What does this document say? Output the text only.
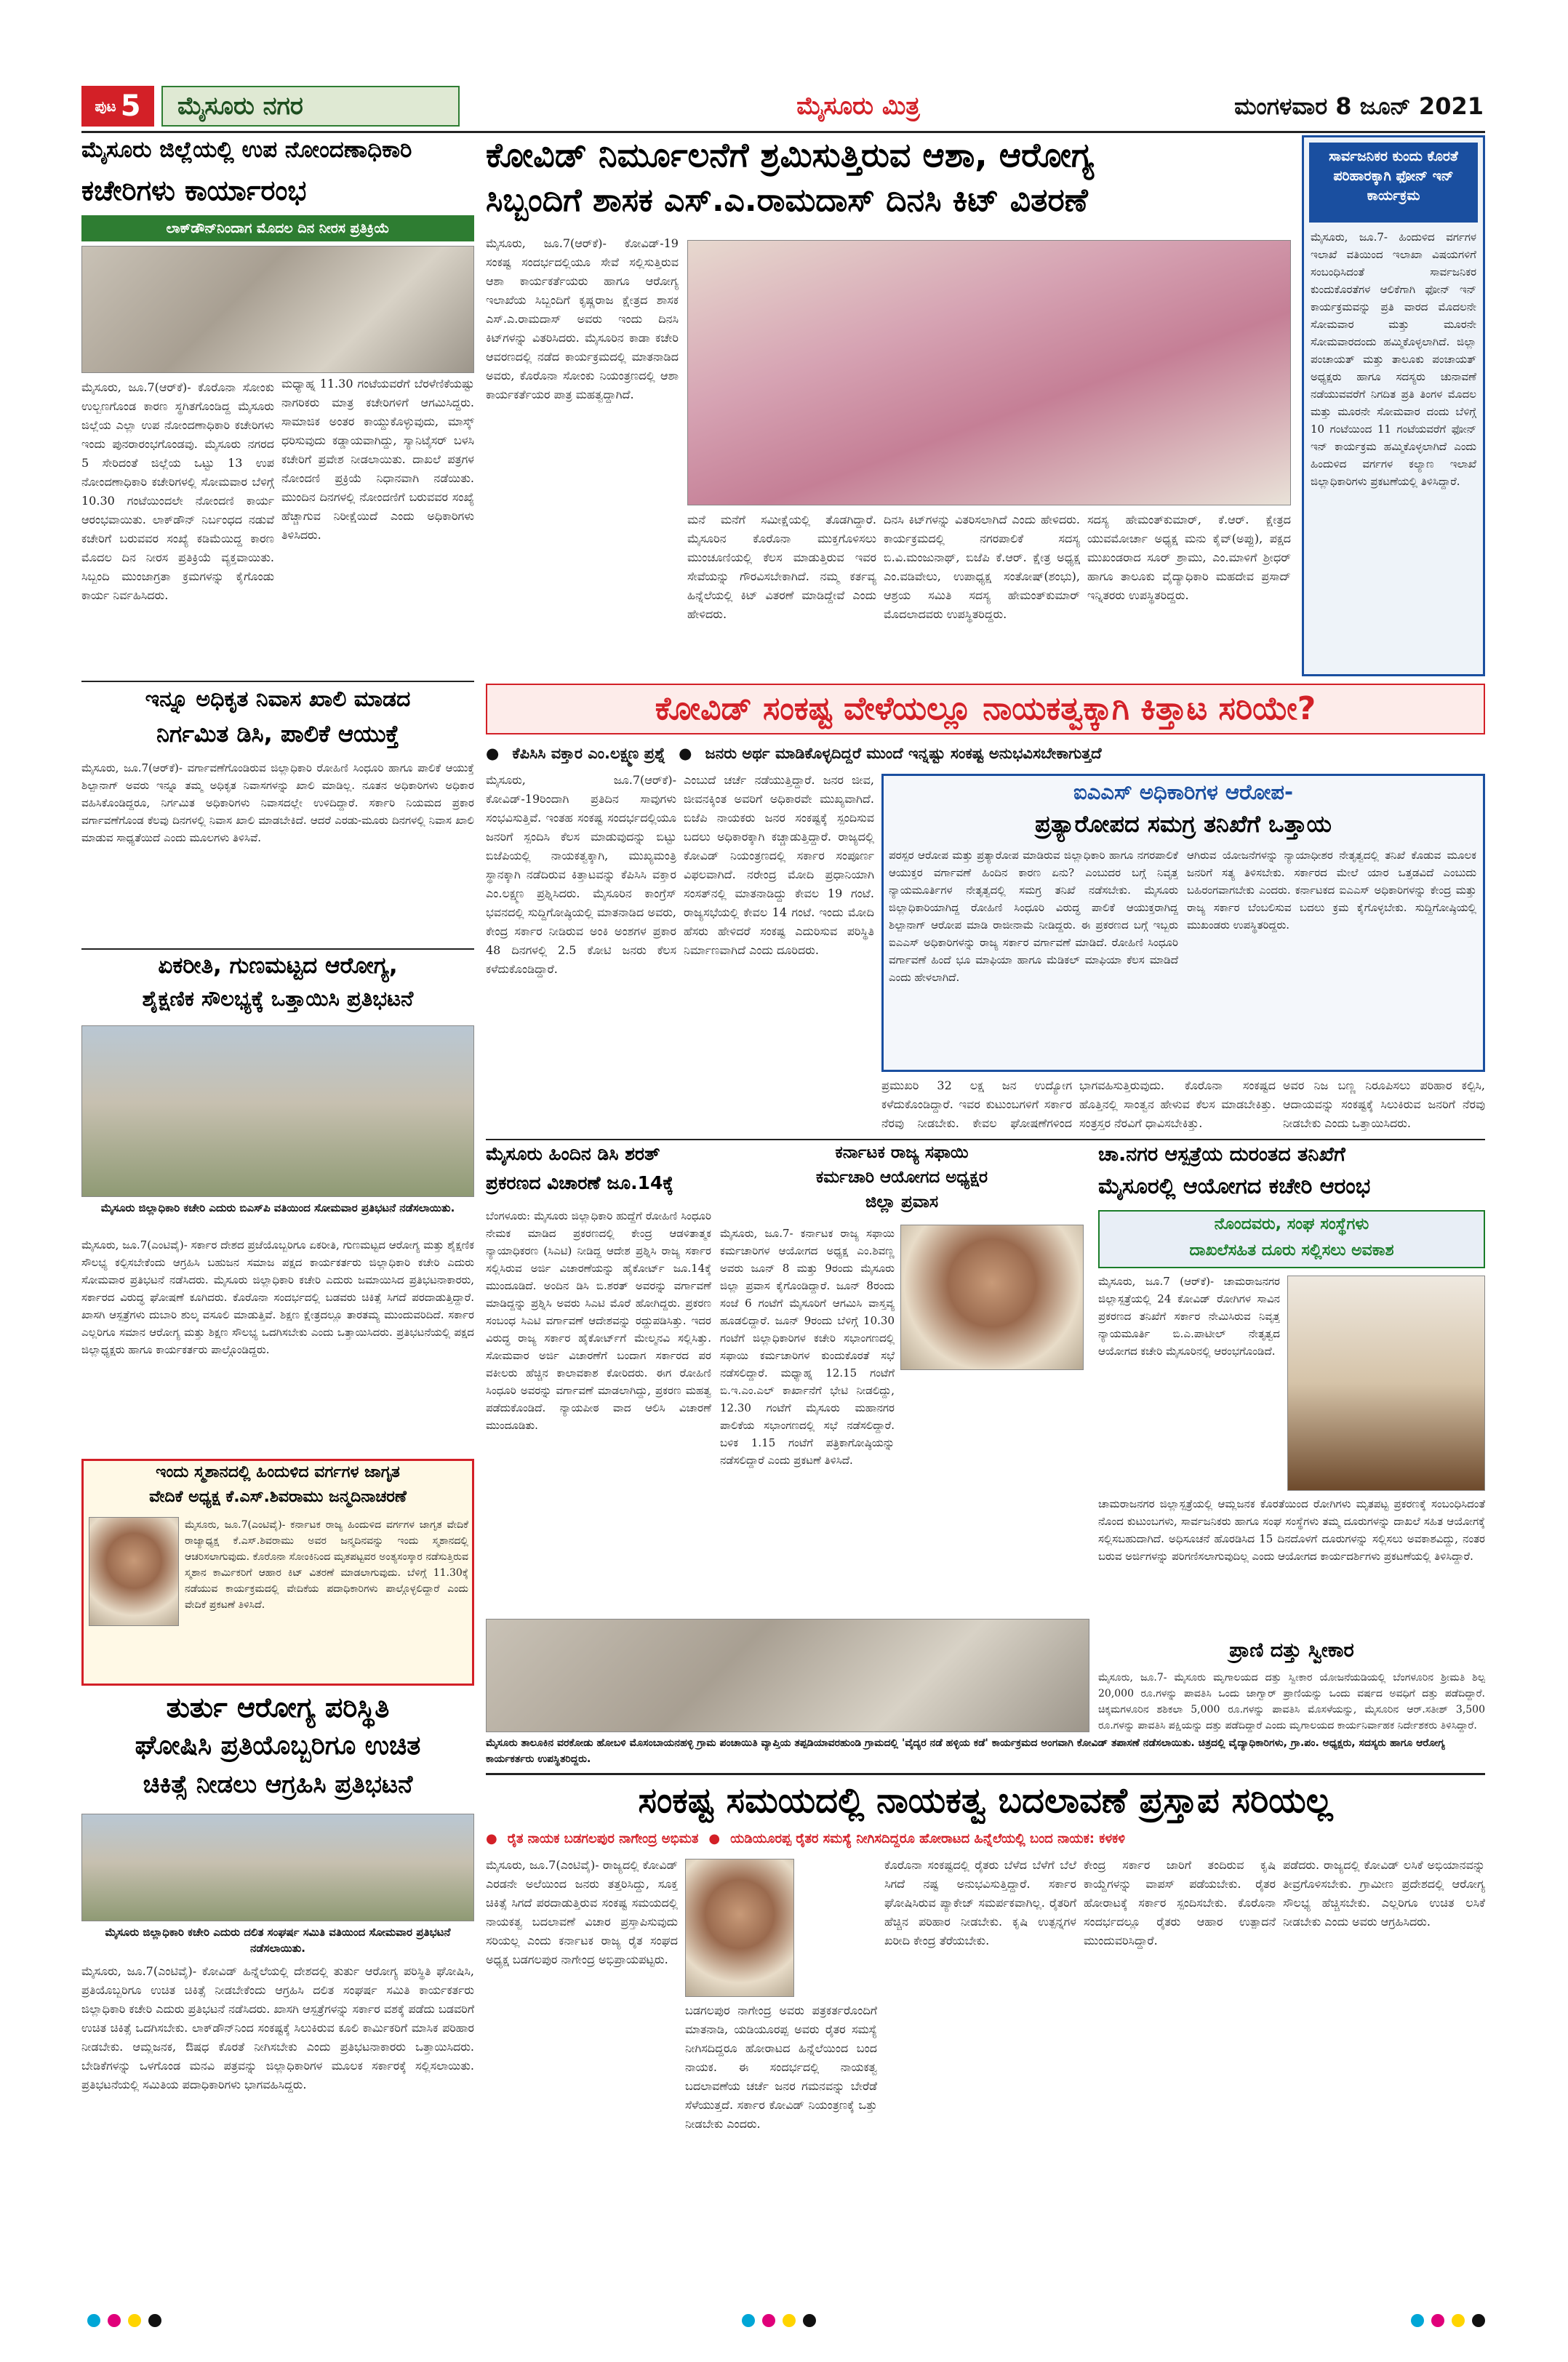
ಪುಟ 5 ಮೈಸೂರು ನಗರ	ಮೈಸೂರು ಮಿತ್ರ	ಮಂಗಳವಾರ 8 ಜೂನ್ 2021
ಮೈಸೂರು ಜಿಲ್ಲೆಯಲ್ಲಿ ಉಪ ನೋಂದಣಾಧಿಕಾರಿ
ಕಚೇರಿಗಳು ಕಾರ್ಯಾರಂಭ
ಲಾಕ್‌ಡೌನ್‌ನಿಂದಾಗ ಮೊದಲ ದಿನ ನೀರಸ ಪ್ರತಿಕ್ರಿಯೆ
ಮೈಸೂರು, ಜೂ.7(ಆರ್‌ಕೆ)- ಕೊರೊನಾ ಸೋಂಕು ಉಲ್ಬಣಗೊಂಡ ಕಾರಣ ಸ್ಥಗಿತಗೊಂಡಿದ್ದ ಮೈಸೂರು ಜಿಲ್ಲೆಯ ಎಲ್ಲಾ ಉಪ ನೋಂದಣಾಧಿಕಾರಿ ಕಚೇರಿಗಳು ಇಂದು ಪುನರಾರಂಭಗೊಂಡವು. ಮೈಸೂರು ನಗರದ 5 ಸೇರಿದಂತೆ ಜಿಲ್ಲೆಯ ಒಟ್ಟು 13 ಉಪ ನೋಂದಣಾಧಿಕಾರಿ ಕಚೇರಿಗಳಲ್ಲಿ ಸೋಮವಾರ ಬೆಳಿಗ್ಗೆ 10.30 ಗಂಟೆಯಿಂದಲೇ ನೋಂದಣಿ ಕಾರ್ಯ ಆರಂಭವಾಯಿತು. ಲಾಕ್‌ಡೌನ್ ನಿರ್ಬಂಧದ ನಡುವೆ ಕಚೇರಿಗೆ ಬರುವವರ ಸಂಖ್ಯೆ ಕಡಿಮೆಯಿದ್ದ ಕಾರಣ ಮೊದಲ ದಿನ ನೀರಸ ಪ್ರತಿಕ್ರಿಯೆ ವ್ಯಕ್ತವಾಯಿತು. ಸಿಬ್ಬಂದಿ ಮುಂಜಾಗ್ರತಾ ಕ್ರಮಗಳನ್ನು ಕೈಗೊಂಡು ಕಾರ್ಯ ನಿರ್ವಹಿಸಿದರು.
ಮಧ್ಯಾಹ್ನ 11.30 ಗಂಟೆಯವರೆಗೆ ಬೆರಳೆಣಿಕೆಯಷ್ಟು ನಾಗರಿಕರು ಮಾತ್ರ ಕಚೇರಿಗಳಿಗೆ ಆಗಮಿಸಿದ್ದರು. ಸಾಮಾಜಿಕ ಅಂತರ ಕಾಯ್ದುಕೊಳ್ಳುವುದು, ಮಾಸ್ಕ್ ಧರಿಸುವುದು ಕಡ್ಡಾಯವಾಗಿದ್ದು, ಸ್ಯಾನಿಟೈಸರ್ ಬಳಸಿ ಕಚೇರಿಗೆ ಪ್ರವೇಶ ನೀಡಲಾಯಿತು. ದಾಖಲೆ ಪತ್ರಗಳ ನೋಂದಣಿ ಪ್ರಕ್ರಿಯೆ ನಿಧಾನವಾಗಿ ನಡೆಯಿತು. ಮುಂದಿನ ದಿನಗಳಲ್ಲಿ ನೋಂದಣಿಗೆ ಬರುವವರ ಸಂಖ್ಯೆ ಹೆಚ್ಚಾಗುವ ನಿರೀಕ್ಷೆಯಿದೆ ಎಂದು ಅಧಿಕಾರಿಗಳು ತಿಳಿಸಿದರು.
ಕೋವಿಡ್ ನಿರ್ಮೂಲನೆಗೆ ಶ್ರಮಿಸುತ್ತಿರುವ ಆಶಾ, ಆರೋಗ್ಯ
ಸಿಬ್ಬಂದಿಗೆ ಶಾಸಕ ಎಸ್.ಎ.ರಾಮದಾಸ್ ದಿನಸಿ ಕಿಟ್ ವಿತರಣೆ
ಮೈಸೂರು, ಜೂ.7(ಆರ್‌ಕೆ)- ಕೋವಿಡ್-19 ಸಂಕಷ್ಟ ಸಂದರ್ಭದಲ್ಲಿಯೂ ಸೇವೆ ಸಲ್ಲಿಸುತ್ತಿರುವ ಆಶಾ ಕಾರ್ಯಕರ್ತೆಯರು ಹಾಗೂ ಆರೋಗ್ಯ ಇಲಾಖೆಯ ಸಿಬ್ಬಂದಿಗೆ ಕೃಷ್ಣರಾಜ ಕ್ಷೇತ್ರದ ಶಾಸಕ ಎಸ್.ಎ.ರಾಮದಾಸ್ ಅವರು ಇಂದು ದಿನಸಿ ಕಿಟ್‌ಗಳನ್ನು ವಿತರಿಸಿದರು. ಮೈಸೂರಿನ ಕಾಡಾ ಕಚೇರಿ ಆವರಣದಲ್ಲಿ ನಡೆದ ಕಾರ್ಯಕ್ರಮದಲ್ಲಿ ಮಾತನಾಡಿದ ಅವರು, ಕೊರೊನಾ ಸೋಂಕು ನಿಯಂತ್ರಣದಲ್ಲಿ ಆಶಾ ಕಾರ್ಯಕರ್ತೆಯರ ಪಾತ್ರ ಮಹತ್ವದ್ದಾಗಿದೆ.
ಮನೆ ಮನೆಗೆ ಸಮೀಕ್ಷೆಯಲ್ಲಿ ತೊಡಗಿದ್ದಾರೆ. ಮೈಸೂರಿನ ಕೊರೊನಾ ಮುಕ್ತಗೊಳಿಸಲು ಮುಂಚೂಣಿಯಲ್ಲಿ ಕೆಲಸ ಮಾಡುತ್ತಿರುವ ಇವರ ಸೇವೆಯನ್ನು ಗೌರವಿಸಬೇಕಾಗಿದೆ. ನಮ್ಮ ಕರ್ತವ್ಯ ಹಿನ್ನೆಲೆಯಲ್ಲಿ ಕಿಟ್ ವಿತರಣೆ ಮಾಡಿದ್ದೇವೆ ಎಂದು ಹೇಳಿದರು.
ದಿನಸಿ ಕಿಟ್‌ಗಳನ್ನು ವಿತರಿಸಲಾಗಿದೆ ಎಂದು ಹೇಳಿದರು. ಕಾರ್ಯಕ್ರಮದಲ್ಲಿ ನಗರಪಾಲಿಕೆ ಸದಸ್ಯ ಬಿ.ವಿ.ಮಂಜುನಾಥ್, ಬಿಜೆಪಿ ಕೆ.ಆರ್. ಕ್ಷೇತ್ರ ಅಧ್ಯಕ್ಷ ಎಂ.ವಡಿವೇಲು, ಉಪಾಧ್ಯಕ್ಷ ಸಂತೋಷ್(ಶಂಭು), ಆಶ್ರಯ ಸಮಿತಿ ಸದಸ್ಯ ಹೇಮಂತ್‌ಕುಮಾರ್ ಮೊದಲಾದವರು ಉಪಸ್ಥಿತರಿದ್ದರು.
ಸದಸ್ಯ ಹೇಮಂತ್‌ಕುಮಾರ್, ಕೆ.ಆರ್. ಕ್ಷೇತ್ರದ ಯುವಮೋರ್ಚಾ ಅಧ್ಯಕ್ಷ ಮನು ಕೈವ್(ಅಪ್ಪು), ಪಕ್ಷದ ಮುಖಂಡರಾದ ಸೂರ್ ಶ್ರಾಮು, ಎಂ.ಮಾಳಿಗೆ ಶ್ರೀಧರ್ ಹಾಗೂ ತಾಲೂಕು ವೈದ್ಯಾಧಿಕಾರಿ ಮಹದೇವ ಪ್ರಸಾದ್ ಇನ್ನಿತರರು ಉಪಸ್ಥಿತರಿದ್ದರು.
ಸಾರ್ವಜನಿಕರ ಕುಂದು ಕೊರತೆ ಪರಿಹಾರಕ್ಕಾಗಿ ಫೋನ್ ಇನ್ ಕಾರ್ಯಕ್ರಮ
ಮೈಸೂರು, ಜೂ.7- ಹಿಂದುಳಿದ ವರ್ಗಗಳ ಇಲಾಖೆ ವತಿಯಿಂದ ಇಲಾಖಾ ವಿಷಯಗಳಿಗೆ ಸಂಬಂಧಿಸಿದಂತೆ ಸಾರ್ವಜನಿಕರ ಕುಂದುಕೊರತೆಗಳ ಆಲಿಕೆಗಾಗಿ ಫೋನ್ ಇನ್ ಕಾರ್ಯಕ್ರಮವನ್ನು ಪ್ರತಿ ವಾರದ ಮೊದಲನೇ ಸೋಮವಾರ ಮತ್ತು ಮೂರನೇ ಸೋಮವಾರದಂದು ಹಮ್ಮಿಕೊಳ್ಳಲಾಗಿದೆ. ಜಿಲ್ಲಾ ಪಂಚಾಯತ್ ಮತ್ತು ತಾಲೂಕು ಪಂಚಾಯತ್ ಅಧ್ಯಕ್ಷರು ಹಾಗೂ ಸದಸ್ಯರು ಚುನಾವಣೆ ನಡೆಯುವವರೆಗೆ ನಿಗದಿತ ಪ್ರತಿ ತಿಂಗಳ ಮೊದಲ ಮತ್ತು ಮೂರನೇ ಸೋಮವಾರ ದಂದು ಬೆಳಿಗ್ಗೆ 10 ಗಂಟೆಯಿಂದ 11 ಗಂಟೆಯವರೆಗೆ ಫೋನ್ ಇನ್ ಕಾರ್ಯಕ್ರಮ ಹಮ್ಮಿಕೊಳ್ಳಲಾಗಿದೆ ಎಂದು ಹಿಂದುಳಿದ ವರ್ಗಗಳ ಕಲ್ಯಾಣ ಇಲಾಖೆ ಜಿಲ್ಲಾಧಿಕಾರಿಗಳು ಪ್ರಕಟಣೆಯಲ್ಲಿ ತಿಳಿಸಿದ್ದಾರೆ.
ಕೋವಿಡ್ ಸಂಕಷ್ಟ ವೇಳೆಯಲ್ಲೂ ನಾಯಕತ್ವಕ್ಕಾಗಿ ಕಿತ್ತಾಟ ಸರಿಯೇ?
● ಕೆಪಿಸಿಸಿ ವಕ್ತಾರ ಎಂ.ಲಕ್ಷ್ಮಣ ಪ್ರಶ್ನೆ ● ಜನರು ಅರ್ಥ ಮಾಡಿಕೊಳ್ಳದಿದ್ದರೆ ಮುಂದೆ ಇನ್ನಷ್ಟು ಸಂಕಷ್ಟ ಅನುಭವಿಸಬೇಕಾಗುತ್ತದೆ
ಮೈಸೂರು, ಜೂ.7(ಆರ್‌ಕೆ)- ಕೋವಿಡ್-19ರಿಂದಾಗಿ ಪ್ರತಿದಿನ ಸಾವುಗಳು ಸಂಭವಿಸುತ್ತಿವೆ. ಇಂತಹ ಸಂಕಷ್ಟ ಸಂದರ್ಭದಲ್ಲಿಯೂ ಜನರಿಗೆ ಸ್ಪಂದಿಸಿ ಕೆಲಸ ಮಾಡುವುದನ್ನು ಬಿಟ್ಟು ಬಿಜೆಪಿಯಲ್ಲಿ ನಾಯಕತ್ವಕ್ಕಾಗಿ, ಮುಖ್ಯಮಂತ್ರಿ ಸ್ಥಾನಕ್ಕಾಗಿ ನಡೆದಿರುವ ಕಿತ್ತಾಟವನ್ನು ಕೆಪಿಸಿಸಿ ವಕ್ತಾರ ಎಂ.ಲಕ್ಷ್ಮಣ ಪ್ರಶ್ನಿಸಿದರು. ಮೈಸೂರಿನ ಕಾಂಗ್ರೆಸ್ ಭವನದಲ್ಲಿ ಸುದ್ದಿಗೋಷ್ಠಿಯಲ್ಲಿ ಮಾತನಾಡಿದ ಅವರು, ಕೇಂದ್ರ ಸರ್ಕಾರ ನೀಡಿರುವ ಅಂಕಿ ಅಂಶಗಳ ಪ್ರಕಾರ 48 ದಿನಗಳಲ್ಲಿ 2.5 ಕೋಟಿ ಜನರು ಕೆಲಸ ಕಳೆದುಕೊಂಡಿದ್ದಾರೆ.
ಎಂಬುದೆ ಚರ್ಚೆ ನಡೆಯುತ್ತಿದ್ದಾರೆ. ಜನರ ಜೀವ, ಜೀವನಕ್ಕಿಂತ ಅವರಿಗೆ ಅಧಿಕಾರವೇ ಮುಖ್ಯವಾಗಿದೆ. ಬಿಜೆಪಿ ನಾಯಕರು ಜನರ ಸಂಕಷ್ಟಕ್ಕೆ ಸ್ಪಂದಿಸುವ ಬದಲು ಅಧಿಕಾರಕ್ಕಾಗಿ ಕಚ್ಚಾಡುತ್ತಿದ್ದಾರೆ. ರಾಜ್ಯದಲ್ಲಿ ಕೋವಿಡ್ ನಿಯಂತ್ರಣದಲ್ಲಿ ಸರ್ಕಾರ ಸಂಪೂರ್ಣ ವಿಫಲವಾಗಿದೆ. ನರೇಂದ್ರ ಮೋದಿ ಪ್ರಧಾನಿಯಾಗಿ ಸಂಸತ್‌ನಲ್ಲಿ ಮಾತನಾಡಿದ್ದು ಕೇವಲ 19 ಗಂಟೆ. ರಾಜ್ಯಸಭೆಯಲ್ಲಿ ಕೇವಲ 14 ಗಂಟೆ. ಇಂದು ಮೋದಿ ಹೆಸರು ಹೇಳಿದರೆ ಸಂಕಷ್ಟ ಎದುರಿಸುವ ಪರಿಸ್ಥಿತಿ ನಿರ್ಮಾಣವಾಗಿದೆ ಎಂದು ದೂರಿದರು.
ಪ್ರಮುಖರಿ 32 ಲಕ್ಷ ಜನ ಉದ್ಯೋಗ ಕಳೆದುಕೊಂಡಿದ್ದಾರೆ. ಇವರ ಕುಟುಂಬಗಳಿಗೆ ಸರ್ಕಾರ ನೆರವು ನೀಡಬೇಕು. ಕೇವಲ ಘೋಷಣೆಗಳಿಂದ
ಭಾಗವಹಿಸುತ್ತಿರುವುದು. ಕೊರೊನಾ ಸಂಕಷ್ಟದ ಹೊತ್ತಿನಲ್ಲಿ ಸಾಂತ್ವನ ಹೇಳುವ ಕೆಲಸ ಮಾಡಬೇಕಿತ್ತು. ಸಂತ್ರಸ್ತರ ನೆರವಿಗೆ ಧಾವಿಸಬೇಕಿತ್ತು.
ಅವರ ನಿಜ ಬಣ್ಣ ನಿರೂಪಿಸಲು ಪರಿಹಾರ ಕಲ್ಪಿಸಿ, ಆದಾಯವನ್ನು ಸಂಕಷ್ಟಕ್ಕೆ ಸಿಲುಕಿರುವ ಜನರಿಗೆ ನೆರವು ನೀಡಬೇಕು ಎಂದು ಒತ್ತಾಯಿಸಿದರು.
ಐಎಎಸ್ ಅಧಿಕಾರಿಗಳ ಆರೋಪ-
ಪ್ರತ್ಯಾರೋಪದ ಸಮಗ್ರ ತನಿಖೆಗೆ ಒತ್ತಾಯ
ಪರಸ್ಪರ ಆರೋಪ ಮತ್ತು ಪ್ರತ್ಯಾರೋಪ ಮಾಡಿರುವ ಜಿಲ್ಲಾಧಿಕಾರಿ ಹಾಗೂ ನಗರಪಾಲಿಕೆ ಆಯುಕ್ತರ ವರ್ಗಾವಣೆ ಹಿಂದಿನ ಕಾರಣ ಏನು? ಎಂಬುದರ ಬಗ್ಗೆ ನಿವೃತ್ತ ನ್ಯಾಯಮೂರ್ತಿಗಳ ನೇತೃತ್ವದಲ್ಲಿ ಸಮಗ್ರ ತನಿಖೆ ನಡೆಸಬೇಕು. ಮೈಸೂರು ಜಿಲ್ಲಾಧಿಕಾರಿಯಾಗಿದ್ದ ರೋಹಿಣಿ ಸಿಂಧೂರಿ ವಿರುದ್ಧ ಪಾಲಿಕೆ ಆಯುಕ್ತರಾಗಿದ್ದ ಶಿಲ್ಪಾನಾಗ್ ಆರೋಪ ಮಾಡಿ ರಾಜೀನಾಮೆ ನೀಡಿದ್ದರು. ಈ ಪ್ರಕರಣದ ಬಗ್ಗೆ ಇಬ್ಬರು ಐಎಎಸ್ ಅಧಿಕಾರಿಗಳನ್ನು ರಾಜ್ಯ ಸರ್ಕಾರ ವರ್ಗಾವಣೆ ಮಾಡಿದೆ. ರೋಹಿಣಿ ಸಿಂಧೂರಿ ವರ್ಗಾವಣೆ ಹಿಂದೆ ಭೂ ಮಾಫಿಯಾ ಹಾಗೂ ಮೆಡಿಕಲ್ ಮಾಫಿಯಾ ಕೆಲಸ ಮಾಡಿದೆ ಎಂದು ಹೇಳಲಾಗಿದೆ.
ಆಗಿರುವ ಯೋಜನೆಗಳನ್ನು ನ್ಯಾಯಾಧೀಶರ ನೇತೃತ್ವದಲ್ಲಿ ತನಿಖೆ ಕೊಡುವ ಮೂಲಕ ಜನರಿಗೆ ಸತ್ಯ ತಿಳಿಸಬೇಕು. ಸರ್ಕಾರದ ಮೇಲೆ ಯಾರ ಒತ್ತಡವಿದೆ ಎಂಬುದು ಬಹಿರಂಗವಾಗಬೇಕು ಎಂದರು. ಕರ್ನಾಟಕದ ಐಎಎಸ್ ಅಧಿಕಾರಿಗಳನ್ನು ಕೇಂದ್ರ ಮತ್ತು ರಾಜ್ಯ ಸರ್ಕಾರ ಬೆಂಬಲಿಸುವ ಬದಲು ಕ್ರಮ ಕೈಗೊಳ್ಳಬೇಕು. ಸುದ್ದಿಗೋಷ್ಠಿಯಲ್ಲಿ ಮುಖಂಡರು ಉಪಸ್ಥಿತರಿದ್ದರು.
ಇನ್ನೂ ಅಧಿಕೃತ ನಿವಾಸ ಖಾಲಿ ಮಾಡದ
ನಿರ್ಗಮಿತ ಡಿಸಿ, ಪಾಲಿಕೆ ಆಯುಕ್ತೆ
ಮೈಸೂರು, ಜೂ.7(ಆರ್‌ಕೆ)- ವರ್ಗಾವಣೆಗೊಂಡಿರುವ ಜಿಲ್ಲಾಧಿಕಾರಿ ರೋಹಿಣಿ ಸಿಂಧೂರಿ ಹಾಗೂ ಪಾಲಿಕೆ ಆಯುಕ್ತೆ ಶಿಲ್ಪಾನಾಗ್ ಅವರು ಇನ್ನೂ ತಮ್ಮ ಅಧಿಕೃತ ನಿವಾಸಗಳನ್ನು ಖಾಲಿ ಮಾಡಿಲ್ಲ. ನೂತನ ಅಧಿಕಾರಿಗಳು ಅಧಿಕಾರ ವಹಿಸಿಕೊಂಡಿದ್ದರೂ, ನಿರ್ಗಮಿತ ಅಧಿಕಾರಿಗಳು ನಿವಾಸದಲ್ಲೇ ಉಳಿದಿದ್ದಾರೆ. ಸರ್ಕಾರಿ ನಿಯಮದ ಪ್ರಕಾರ ವರ್ಗಾವಣೆಗೊಂಡ ಕೆಲವು ದಿನಗಳಲ್ಲಿ ನಿವಾಸ ಖಾಲಿ ಮಾಡಬೇಕಿದೆ. ಆದರೆ ಎರಡು-ಮೂರು ದಿನಗಳಲ್ಲಿ ನಿವಾಸ ಖಾಲಿ ಮಾಡುವ ಸಾಧ್ಯತೆಯಿದೆ ಎಂದು ಮೂಲಗಳು ತಿಳಿಸಿವೆ.
ಏಕರೀತಿ, ಗುಣಮಟ್ಟದ ಆರೋಗ್ಯ,
ಶೈಕ್ಷಣಿಕ ಸೌಲಭ್ಯಕ್ಕೆ ಒತ್ತಾಯಿಸಿ ಪ್ರತಿಭಟನೆ
ಮೈಸೂರು ಜಿಲ್ಲಾಧಿಕಾರಿ ಕಚೇರಿ ಎದುರು ಬಿಎಸ್‌ಪಿ ವತಿಯಿಂದ ಸೋಮವಾರ ಪ್ರತಿಭಟನೆ ನಡೆಸಲಾಯಿತು.
ಮೈಸೂರು, ಜೂ.7(ಎಂಟಿವೈ)- ಸರ್ಕಾರ ದೇಶದ ಪ್ರಜೆಯೊಬ್ಬರಿಗೂ ಏಕರೀತಿ, ಗುಣಮಟ್ಟದ ಆರೋಗ್ಯ ಮತ್ತು ಶೈಕ್ಷಣಿಕ ಸೌಲಭ್ಯ ಕಲ್ಪಿಸಬೇಕೆಂದು ಆಗ್ರಹಿಸಿ ಬಹುಜನ ಸಮಾಜ ಪಕ್ಷದ ಕಾರ್ಯಕರ್ತರು ಜಿಲ್ಲಾಧಿಕಾರಿ ಕಚೇರಿ ಎದುರು ಸೋಮವಾರ ಪ್ರತಿಭಟನೆ ನಡೆಸಿದರು. ಮೈಸೂರು ಜಿಲ್ಲಾಧಿಕಾರಿ ಕಚೇರಿ ಎದುರು ಜಮಾಯಿಸಿದ ಪ್ರತಿಭಟನಾಕಾರರು, ಸರ್ಕಾರದ ವಿರುದ್ಧ ಘೋಷಣೆ ಕೂಗಿದರು. ಕೊರೊನಾ ಸಂದರ್ಭದಲ್ಲಿ ಬಡವರು ಚಿಕಿತ್ಸೆ ಸಿಗದೆ ಪರದಾಡುತ್ತಿದ್ದಾರೆ. ಖಾಸಗಿ ಆಸ್ಪತ್ರೆಗಳು ದುಬಾರಿ ಶುಲ್ಕ ವಸೂಲಿ ಮಾಡುತ್ತಿವೆ. ಶಿಕ್ಷಣ ಕ್ಷೇತ್ರದಲ್ಲೂ ತಾರತಮ್ಯ ಮುಂದುವರಿದಿದೆ. ಸರ್ಕಾರ ಎಲ್ಲರಿಗೂ ಸಮಾನ ಆರೋಗ್ಯ ಮತ್ತು ಶಿಕ್ಷಣ ಸೌಲಭ್ಯ ಒದಗಿಸಬೇಕು ಎಂದು ಒತ್ತಾಯಿಸಿದರು. ಪ್ರತಿಭಟನೆಯಲ್ಲಿ ಪಕ್ಷದ ಜಿಲ್ಲಾಧ್ಯಕ್ಷರು ಹಾಗೂ ಕಾರ್ಯಕರ್ತರು ಪಾಲ್ಗೊಂಡಿದ್ದರು.
ಇಂದು ಸ್ಮಶಾನದಲ್ಲಿ ಹಿಂದುಳಿದ ವರ್ಗಗಳ ಜಾಗೃತ
ವೇದಿಕೆ ಅಧ್ಯಕ್ಷ ಕೆ.ಎಸ್.ಶಿವರಾಮು ಜನ್ಮದಿನಾಚರಣೆ
ಮೈಸೂರು, ಜೂ.7(ಎಂಟಿವೈ)- ಕರ್ನಾಟಕ ರಾಜ್ಯ ಹಿಂದುಳಿದ ವರ್ಗಗಳ ಜಾಗೃತ ವೇದಿಕೆ ರಾಜ್ಯಾಧ್ಯಕ್ಷ ಕೆ.ಎಸ್.ಶಿವರಾಮು ಅವರ ಜನ್ಮದಿನವನ್ನು ಇಂದು ಸ್ಮಶಾನದಲ್ಲಿ ಆಚರಿಸಲಾಗುವುದು. ಕೊರೊನಾ ಸೋಂಕಿನಿಂದ ಮೃತಪಟ್ಟವರ ಅಂತ್ಯಸಂಸ್ಕಾರ ನಡೆಸುತ್ತಿರುವ ಸ್ಮಶಾನ ಕಾರ್ಮಿಕರಿಗೆ ಆಹಾರ ಕಿಟ್ ವಿತರಣೆ ಮಾಡಲಾಗುವುದು. ಬೆಳಿಗ್ಗೆ 11.30ಕ್ಕೆ ನಡೆಯುವ ಕಾರ್ಯಕ್ರಮದಲ್ಲಿ ವೇದಿಕೆಯ ಪದಾಧಿಕಾರಿಗಳು ಪಾಲ್ಗೊಳ್ಳಲಿದ್ದಾರೆ ಎಂದು ವೇದಿಕೆ ಪ್ರಕಟಣೆ ತಿಳಿಸಿದೆ.
ತುರ್ತು ಆರೋಗ್ಯ ಪರಿಸ್ಥಿತಿ
ಘೋಷಿಸಿ ಪ್ರತಿಯೊಬ್ಬರಿಗೂ ಉಚಿತ
ಚಿಕಿತ್ಸೆ ನೀಡಲು ಆಗ್ರಹಿಸಿ ಪ್ರತಿಭಟನೆ
ಮೈಸೂರು ಜಿಲ್ಲಾಧಿಕಾರಿ ಕಚೇರಿ ಎದುರು ದಲಿತ ಸಂಘರ್ಷ ಸಮಿತಿ ವತಿಯಿಂದ ಸೋಮವಾರ ಪ್ರತಿಭಟನೆ ನಡೆಸಲಾಯಿತು.
ಮೈಸೂರು, ಜೂ.7(ಎಂಟಿವೈ)- ಕೋವಿಡ್ ಹಿನ್ನೆಲೆಯಲ್ಲಿ ದೇಶದಲ್ಲಿ ತುರ್ತು ಆರೋಗ್ಯ ಪರಿಸ್ಥಿತಿ ಘೋಷಿಸಿ, ಪ್ರತಿಯೊಬ್ಬರಿಗೂ ಉಚಿತ ಚಿಕಿತ್ಸೆ ನೀಡಬೇಕೆಂದು ಆಗ್ರಹಿಸಿ ದಲಿತ ಸಂಘರ್ಷ ಸಮಿತಿ ಕಾರ್ಯಕರ್ತರು ಜಿಲ್ಲಾಧಿಕಾರಿ ಕಚೇರಿ ಎದುರು ಪ್ರತಿಭಟನೆ ನಡೆಸಿದರು. ಖಾಸಗಿ ಆಸ್ಪತ್ರೆಗಳನ್ನು ಸರ್ಕಾರ ವಶಕ್ಕೆ ಪಡೆದು ಬಡವರಿಗೆ ಉಚಿತ ಚಿಕಿತ್ಸೆ ಒದಗಿಸಬೇಕು. ಲಾಕ್‌ಡೌನ್‌ನಿಂದ ಸಂಕಷ್ಟಕ್ಕೆ ಸಿಲುಕಿರುವ ಕೂಲಿ ಕಾರ್ಮಿಕರಿಗೆ ಮಾಸಿಕ ಪರಿಹಾರ ನೀಡಬೇಕು. ಆಮ್ಲಜನಕ, ಔಷಧ ಕೊರತೆ ನೀಗಿಸಬೇಕು ಎಂದು ಪ್ರತಿಭಟನಾಕಾರರು ಒತ್ತಾಯಿಸಿದರು. ಬೇಡಿಕೆಗಳನ್ನು ಒಳಗೊಂಡ ಮನವಿ ಪತ್ರವನ್ನು ಜಿಲ್ಲಾಧಿಕಾರಿಗಳ ಮೂಲಕ ಸರ್ಕಾರಕ್ಕೆ ಸಲ್ಲಿಸಲಾಯಿತು. ಪ್ರತಿಭಟನೆಯಲ್ಲಿ ಸಮಿತಿಯ ಪದಾಧಿಕಾರಿಗಳು ಭಾಗವಹಿಸಿದ್ದರು.
ಮೈಸೂರು ಹಿಂದಿನ ಡಿಸಿ ಶರತ್
ಪ್ರಕರಣದ ವಿಚಾರಣೆ ಜೂ.14ಕ್ಕೆ
ಬೆಂಗಳೂರು: ಮೈಸೂರು ಜಿಲ್ಲಾಧಿಕಾರಿ ಹುದ್ದೆಗೆ ರೋಹಿಣಿ ಸಿಂಧೂರಿ ನೇಮಕ ಮಾಡಿದ ಪ್ರಕರಣದಲ್ಲಿ ಕೇಂದ್ರ ಆಡಳಿತಾತ್ಮಕ ನ್ಯಾಯಾಧಿಕರಣ (ಸಿಎಟಿ) ನೀಡಿದ್ದ ಆದೇಶ ಪ್ರಶ್ನಿಸಿ ರಾಜ್ಯ ಸರ್ಕಾರ ಸಲ್ಲಿಸಿರುವ ಅರ್ಜಿ ವಿಚಾರಣೆಯನ್ನು ಹೈಕೋರ್ಟ್ ಜೂ.14ಕ್ಕೆ ಮುಂದೂಡಿದೆ. ಅಂದಿನ ಡಿಸಿ ಬಿ.ಶರತ್ ಅವರನ್ನು ವರ್ಗಾವಣೆ ಮಾಡಿದ್ದನ್ನು ಪ್ರಶ್ನಿಸಿ ಅವರು ಸಿಎಟಿ ಮೊರೆ ಹೋಗಿದ್ದರು. ಪ್ರಕರಣ ಸಂಬಂಧ ಸಿಎಟಿ ವರ್ಗಾವಣೆ ಆದೇಶವನ್ನು ರದ್ದುಪಡಿಸಿತ್ತು. ಇದರ ವಿರುದ್ಧ ರಾಜ್ಯ ಸರ್ಕಾರ ಹೈಕೋರ್ಟ್‌ಗೆ ಮೇಲ್ಮನವಿ ಸಲ್ಲಿಸಿತ್ತು. ಸೋಮವಾರ ಅರ್ಜಿ ವಿಚಾರಣೆಗೆ ಬಂದಾಗ ಸರ್ಕಾರದ ಪರ ವಕೀಲರು ಹೆಚ್ಚಿನ ಕಾಲಾವಕಾಶ ಕೋರಿದರು. ಈಗ ರೋಹಿಣಿ ಸಿಂಧೂರಿ ಅವರನ್ನು ವರ್ಗಾವಣೆ ಮಾಡಲಾಗಿದ್ದು, ಪ್ರಕರಣ ಮಹತ್ವ ಪಡೆದುಕೊಂಡಿದೆ. ನ್ಯಾಯಪೀಠ ವಾದ ಆಲಿಸಿ ವಿಚಾರಣೆ ಮುಂದೂಡಿತು.
ಕರ್ನಾಟಕ ರಾಜ್ಯ ಸಫಾಯಿ
ಕರ್ಮಚಾರಿ ಆಯೋಗದ ಅಧ್ಯಕ್ಷರ
ಜಿಲ್ಲಾ ಪ್ರವಾಸ
ಮೈಸೂರು, ಜೂ.7- ಕರ್ನಾಟಕ ರಾಜ್ಯ ಸಫಾಯಿ ಕರ್ಮಚಾರಿಗಳ ಆಯೋಗದ ಅಧ್ಯಕ್ಷ ಎಂ.ಶಿವಣ್ಣ ಅವರು ಜೂನ್ 8 ಮತ್ತು 9ರಂದು ಮೈಸೂರು ಜಿಲ್ಲಾ ಪ್ರವಾಸ ಕೈಗೊಂಡಿದ್ದಾರೆ. ಜೂನ್ 8ರಂದು ಸಂಜೆ 6 ಗಂಟೆಗೆ ಮೈಸೂರಿಗೆ ಆಗಮಿಸಿ ವಾಸ್ತವ್ಯ ಹೂಡಲಿದ್ದಾರೆ. ಜೂನ್ 9ರಂದು ಬೆಳಿಗ್ಗೆ 10.30 ಗಂಟೆಗೆ ಜಿಲ್ಲಾಧಿಕಾರಿಗಳ ಕಚೇರಿ ಸಭಾಂಗಣದಲ್ಲಿ ಸಫಾಯಿ ಕರ್ಮಚಾರಿಗಳ ಕುಂದುಕೊರತೆ ಸಭೆ ನಡೆಸಲಿದ್ದಾರೆ. ಮಧ್ಯಾಹ್ನ 12.15 ಗಂಟೆಗೆ ಬಿ.ಇ.ಎಂ.ಎಲ್ ಕಾರ್ಖಾನೆಗೆ ಭೇಟಿ ನೀಡಲಿದ್ದು, 12.30 ಗಂಟೆಗೆ ಮೈಸೂರು ಮಹಾನಗರ ಪಾಲಿಕೆಯ ಸಭಾಂಗಣದಲ್ಲಿ ಸಭೆ ನಡೆಸಲಿದ್ದಾರೆ. ಬಳಿಕ 1.15 ಗಂಟೆಗೆ ಪತ್ರಿಕಾಗೋಷ್ಠಿಯನ್ನು ನಡೆಸಲಿದ್ದಾರೆ ಎಂದು ಪ್ರಕಟಣೆ ತಿಳಿಸಿದೆ.
ಚಾ.ನಗರ ಆಸ್ಪತ್ರೆಯ ದುರಂತದ ತನಿಖೆಗೆ
ಮೈಸೂರಲ್ಲಿ ಆಯೋಗದ ಕಚೇರಿ ಆರಂಭ
ನೊಂದವರು, ಸಂಘ ಸಂಸ್ಥೆಗಳು
ದಾಖಲೆಸಹಿತ ದೂರು ಸಲ್ಲಿಸಲು ಅವಕಾಶ
ಮೈಸೂರು, ಜೂ.7 (ಆರ್‌ಕೆ)- ಚಾಮರಾಜನಗರ ಜಿಲ್ಲಾಸ್ಪತ್ರೆಯಲ್ಲಿ 24 ಕೋವಿಡ್ ರೋಗಿಗಳ ಸಾವಿನ ಪ್ರಕರಣದ ತನಿಖೆಗೆ ಸರ್ಕಾರ ನೇಮಿಸಿರುವ ನಿವೃತ್ತ ನ್ಯಾಯಮೂರ್ತಿ ಬಿ.ಎ.ಪಾಟೀಲ್ ನೇತೃತ್ವದ ಆಯೋಗದ ಕಚೇರಿ ಮೈಸೂರಿನಲ್ಲಿ ಆರಂಭಗೊಂಡಿದೆ.
ಚಾಮರಾಜನಗರ ಜಿಲ್ಲಾಸ್ಪತ್ರೆಯಲ್ಲಿ ಆಮ್ಲಜನಕ ಕೊರತೆಯಿಂದ ರೋಗಿಗಳು ಮೃತಪಟ್ಟ ಪ್ರಕರಣಕ್ಕೆ ಸಂಬಂಧಿಸಿದಂತೆ ನೊಂದ ಕುಟುಂಬಗಳು, ಸಾರ್ವಜನಿಕರು ಹಾಗೂ ಸಂಘ ಸಂಸ್ಥೆಗಳು ತಮ್ಮ ದೂರುಗಳನ್ನು ದಾಖಲೆ ಸಹಿತ ಆಯೋಗಕ್ಕೆ ಸಲ್ಲಿಸಬಹುದಾಗಿದೆ. ಅಧಿಸೂಚನೆ ಹೊರಡಿಸಿದ 15 ದಿನದೊಳಗೆ ದೂರುಗಳನ್ನು ಸಲ್ಲಿಸಲು ಅವಕಾಶವಿದ್ದು, ನಂತರ ಬರುವ ಅರ್ಜಿಗಳನ್ನು ಪರಿಗಣಿಸಲಾಗುವುದಿಲ್ಲ ಎಂದು ಆಯೋಗದ ಕಾರ್ಯದರ್ಶಿಗಳು ಪ್ರಕಟಣೆಯಲ್ಲಿ ತಿಳಿಸಿದ್ದಾರೆ.
ಪ್ರಾಣಿ ದತ್ತು ಸ್ವೀಕಾರ
ಮೈಸೂರು, ಜೂ.7- ಮೈಸೂರು ಮೃಗಾಲಯದ ದತ್ತು ಸ್ವೀಕಾರ ಯೋಜನೆಯಡಿಯಲ್ಲಿ ಬೆಂಗಳೂರಿನ ಶ್ರೀಮತಿ ಶಿಲ್ಪ 20,000 ರೂ.ಗಳನ್ನು ಪಾವತಿಸಿ ಒಂದು ಜಾಗ್ವಾರ್ ಪ್ರಾಣಿಯನ್ನು ಒಂದು ವರ್ಷದ ಅವಧಿಗೆ ದತ್ತು ಪಡೆದಿದ್ದಾರೆ. ಚಿಕ್ಕಮಗಳೂರಿನ ಶಶಿಕಲಾ 5,000 ರೂ.ಗಳನ್ನು ಪಾವತಿಸಿ ಮೊಸಳೆಯನ್ನು, ಮೈಸೂರಿನ ಆರ್.ಸತೀಶ್ 3,500 ರೂ.ಗಳನ್ನು ಪಾವತಿಸಿ ಪಕ್ಷಿಯನ್ನು ದತ್ತು ಪಡೆದಿದ್ದಾರೆ ಎಂದು ಮೃಗಾಲಯದ ಕಾರ್ಯನಿರ್ವಾಹಕ ನಿರ್ದೇಶಕರು ತಿಳಿಸಿದ್ದಾರೆ.
ಮೈಸೂರು ತಾಲೂಕಿನ ವರಕೋಡು ಹೋಬಳಿ ಮೊಸಂಬಾಯನಹಳ್ಳಿ ಗ್ರಾಮ ಪಂಚಾಯಿತಿ ವ್ಯಾಪ್ತಿಯ ತಪ್ಪಡಿಯಾವರಹುಂಡಿ ಗ್ರಾಮದಲ್ಲಿ 'ವೈದ್ಯರ ನಡೆ ಹಳ್ಳಿಯ ಕಡೆ' ಕಾರ್ಯಕ್ರಮದ ಅಂಗವಾಗಿ ಕೋವಿಡ್ ತಪಾಸಣೆ ನಡೆಸಲಾಯಿತು. ಚಿತ್ರದಲ್ಲಿ ವೈದ್ಯಾಧಿಕಾರಿಗಳು, ಗ್ರಾ.ಪಂ. ಅಧ್ಯಕ್ಷರು, ಸದಸ್ಯರು ಹಾಗೂ ಆರೋಗ್ಯ ಕಾರ್ಯಕರ್ತರು ಉಪಸ್ಥಿತರಿದ್ದರು.
ಸಂಕಷ್ಟ ಸಮಯದಲ್ಲಿ ನಾಯಕತ್ವ ಬದಲಾವಣೆ ಪ್ರಸ್ತಾಪ ಸರಿಯಲ್ಲ
● ರೈತ ನಾಯಕ ಬಡಗಲಪುರ ನಾಗೇಂದ್ರ ಅಭಿಮತ ● ಯಡಿಯೂರಪ್ಪ ರೈತರ ಸಮಸ್ಯೆ ನೀಗಿಸದಿದ್ದರೂ ಹೋರಾಟದ ಹಿನ್ನೆಲೆಯಲ್ಲಿ ಬಂದ ನಾಯಕ: ಕಳಕಳಿ
ಮೈಸೂರು, ಜೂ.7(ಎಂಟಿವೈ)- ರಾಜ್ಯದಲ್ಲಿ ಕೋವಿಡ್ ಎರಡನೇ ಅಲೆಯಿಂದ ಜನರು ತತ್ತರಿಸಿದ್ದು, ಸೂಕ್ತ ಚಿಕಿತ್ಸೆ ಸಿಗದೆ ಪರದಾಡುತ್ತಿರುವ ಸಂಕಷ್ಟ ಸಮಯದಲ್ಲಿ ನಾಯಕತ್ವ ಬದಲಾವಣೆ ವಿಚಾರ ಪ್ರಸ್ತಾಪಿಸುವುದು ಸರಿಯಲ್ಲ ಎಂದು ಕರ್ನಾಟಕ ರಾಜ್ಯ ರೈತ ಸಂಘದ ಅಧ್ಯಕ್ಷ ಬಡಗಲಪುರ ನಾಗೇಂದ್ರ ಅಭಿಪ್ರಾಯಪಟ್ಟರು.
ಬಡಗಲಪುರ ನಾಗೇಂದ್ರ ಅವರು ಪತ್ರಕರ್ತರೊಂದಿಗೆ ಮಾತನಾಡಿ, ಯಡಿಯೂರಪ್ಪ ಅವರು ರೈತರ ಸಮಸ್ಯೆ ನೀಗಿಸದಿದ್ದರೂ ಹೋರಾಟದ ಹಿನ್ನೆಲೆಯಿಂದ ಬಂದ ನಾಯಕ. ಈ ಸಂದರ್ಭದಲ್ಲಿ ನಾಯಕತ್ವ ಬದಲಾವಣೆಯ ಚರ್ಚೆ ಜನರ ಗಮನವನ್ನು ಬೇರೆಡೆ ಸೆಳೆಯುತ್ತದೆ. ಸರ್ಕಾರ ಕೋವಿಡ್ ನಿಯಂತ್ರಣಕ್ಕೆ ಒತ್ತು ನೀಡಬೇಕು ಎಂದರು.
ಕೊರೊನಾ ಸಂಕಷ್ಟದಲ್ಲಿ ರೈತರು ಬೆಳೆದ ಬೆಳೆಗೆ ಬೆಲೆ ಸಿಗದೆ ನಷ್ಟ ಅನುಭವಿಸುತ್ತಿದ್ದಾರೆ. ಸರ್ಕಾರ ಘೋಷಿಸಿರುವ ಪ್ಯಾಕೇಜ್ ಸಮರ್ಪಕವಾಗಿಲ್ಲ. ರೈತರಿಗೆ ಹೆಚ್ಚಿನ ಪರಿಹಾರ ನೀಡಬೇಕು. ಕೃಷಿ ಉತ್ಪನ್ನಗಳ ಖರೀದಿ ಕೇಂದ್ರ ತೆರೆಯಬೇಕು.
ಕೇಂದ್ರ ಸರ್ಕಾರ ಜಾರಿಗೆ ತಂದಿರುವ ಕೃಷಿ ಕಾಯ್ದೆಗಳನ್ನು ವಾಪಸ್ ಪಡೆಯಬೇಕು. ರೈತರ ಹೋರಾಟಕ್ಕೆ ಸರ್ಕಾರ ಸ್ಪಂದಿಸಬೇಕು. ಕೊರೊನಾ ಸಂದರ್ಭದಲ್ಲೂ ರೈತರು ಆಹಾರ ಉತ್ಪಾದನೆ ಮುಂದುವರಿಸಿದ್ದಾರೆ.
ಪಡೆದರು. ರಾಜ್ಯದಲ್ಲಿ ಕೋವಿಡ್ ಲಸಿಕೆ ಅಭಿಯಾನವನ್ನು ತೀವ್ರಗೊಳಿಸಬೇಕು. ಗ್ರಾಮೀಣ ಪ್ರದೇಶದಲ್ಲಿ ಆರೋಗ್ಯ ಸೌಲಭ್ಯ ಹೆಚ್ಚಿಸಬೇಕು. ಎಲ್ಲರಿಗೂ ಉಚಿತ ಲಸಿಕೆ ನೀಡಬೇಕು ಎಂದು ಅವರು ಆಗ್ರಹಿಸಿದರು.
